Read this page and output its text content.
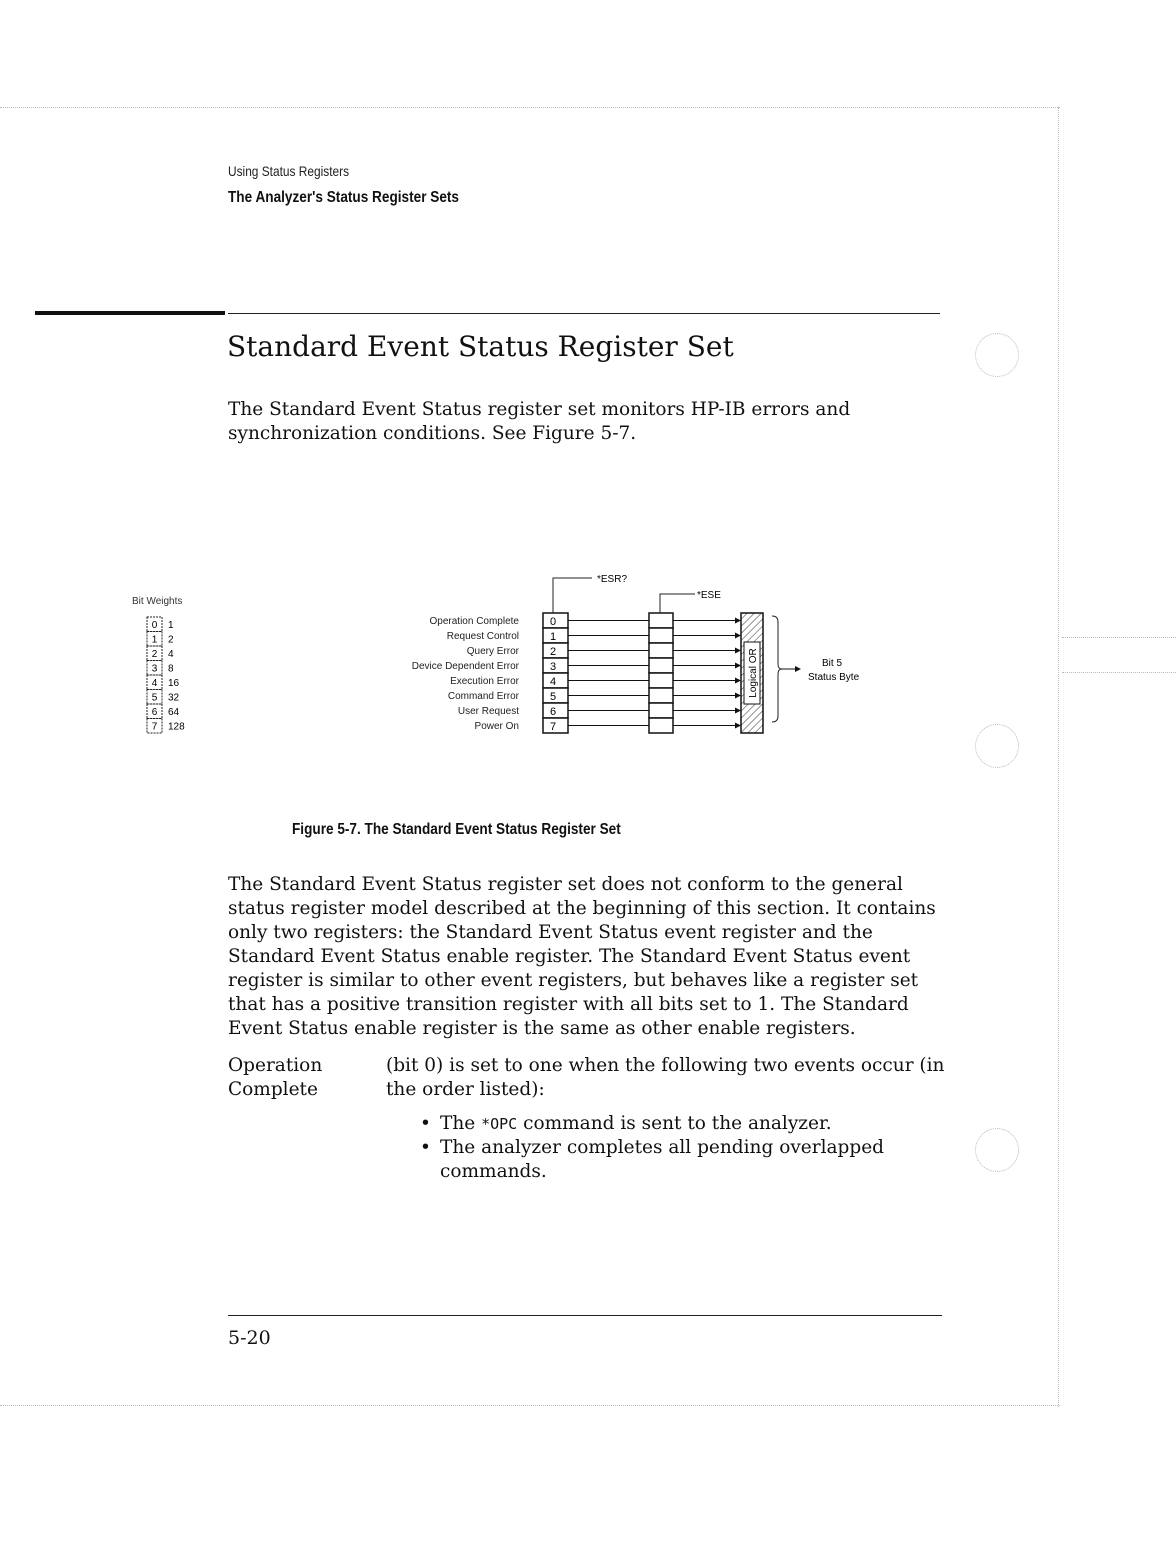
Using Status Registers
The Analyzer's Status Register Sets
Standard Event Status Register Set
The Standard Event Status register set monitors HP-IB errors and synchronization conditions. See Figure 5-7.
Bit Weights
0 1
1 2
2 4
3 8
4 16
5 32
6 64
7 128
Operation Complete	0
Request Control	1
Query Error	2
Device Dependent Error	3
Execution Error	4
Command Error	5
User Request	6
Power On	7
Logical OR	Bit 5
Status Byte
*ESR?
*ESE
Figure 5-7. The Standard Event Status Register Set
The Standard Event Status register set does not conform to the general status register model described at the beginning of this section. It contains only two registers: the Standard Event Status event register and the Standard Event Status enable register. The Standard Event Status event register is similar to other event registers, but behaves like a register set that has a positive transition register with all bits set to 1. The Standard Event Status enable register is the same as other enable registers.
Operation Complete
(bit 0) is set to one when the following two events occur (in the order listed):
• The *OPC command is sent to the analyzer.
• The analyzer completes all pending overlapped commands.
5-20
